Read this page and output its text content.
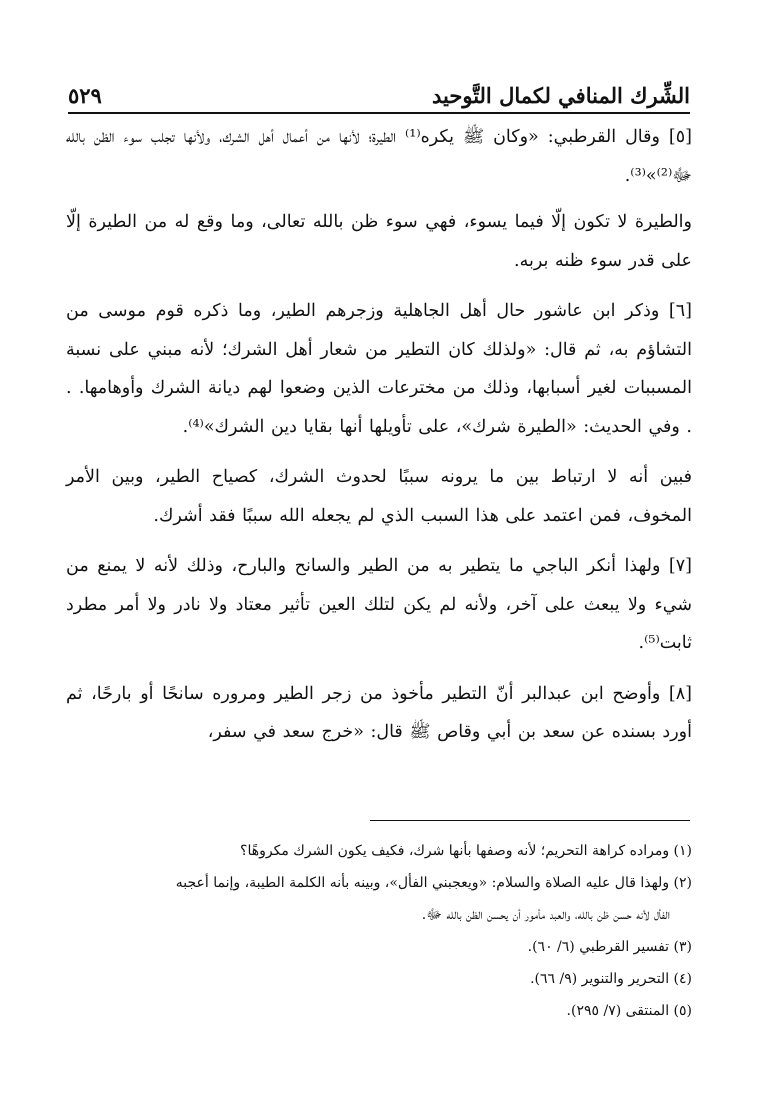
الشِّرك المنافي لكمال التَّوحيد
٥٢٩

[٥] وقال القرطبي: «وكان ﷺ يكره⁽¹⁾ الطيرة؛ لأنها من أعمال أهل الشرك، ولأنها تجلب سوء الظن بالله ﷻ⁽²⁾»⁽³⁾.

والطيرة لا تكون إلّا فيما يسوء، فهي سوء ظن بالله تعالى، وما وقع له من الطيرة إلّا على قدر سوء ظنه بربه.

[٦] وذكر ابن عاشور حال أهل الجاهلية وزجرهم الطير، وما ذكره قوم موسى من التشاؤم به، ثم قال: «ولذلك كان التطير من شعار أهل الشرك؛ لأنه مبني على نسبة المسببات لغير أسبابها، وذلك من مخترعات الذين وضعوا لهم ديانة الشرك وأوهامها. . . وفي الحديث: «الطيرة شرك»، على تأويلها أنها بقايا دين الشرك»⁽⁴⁾.

فبين أنه لا ارتباط بين ما يرونه سببًا لحدوث الشرك، كصياح الطير، وبين الأمر المخوف، فمن اعتمد على هذا السبب الذي لم يجعله الله سببًا فقد أشرك.

[٧] ولهذا أنكر الباجي ما يتطير به من الطير والسانح والبارح، وذلك لأنه لا يمنع من شيء ولا يبعث على آخر، ولأنه لم يكن لتلك العين تأثير معتاد ولا نادر ولا أمر مطرد ثابت⁽⁵⁾.

[٨] وأوضح ابن عبدالبر أنّ التطير مأخوذ من زجر الطير ومروره سانحًا أو بارحًا، ثم أورد بسنده عن سعد بن أبي وقاص ﷺ قال: «خرج سعد في سفر،

(١) ومراده كراهة التحريم؛ لأنه وصفها بأنها شرك، فكيف يكون الشرك مكروهًا؟

(٢) ولهذا قال عليه الصلاة والسلام: «ويعجبني الفأل»، وبينه بأنه الكلمة الطيبة، وإنما أعجبه

الفأل لأنه حسن ظن بالله، والعبد مأمور أن يحسن الظن بالله ﷻ.

(٣) تفسير القرطبي (٦/ ٦٠).

(٤) التحرير والتنوير (٩/ ٦٦).

(٥) المنتقى (٧/ ٢٩٥).
